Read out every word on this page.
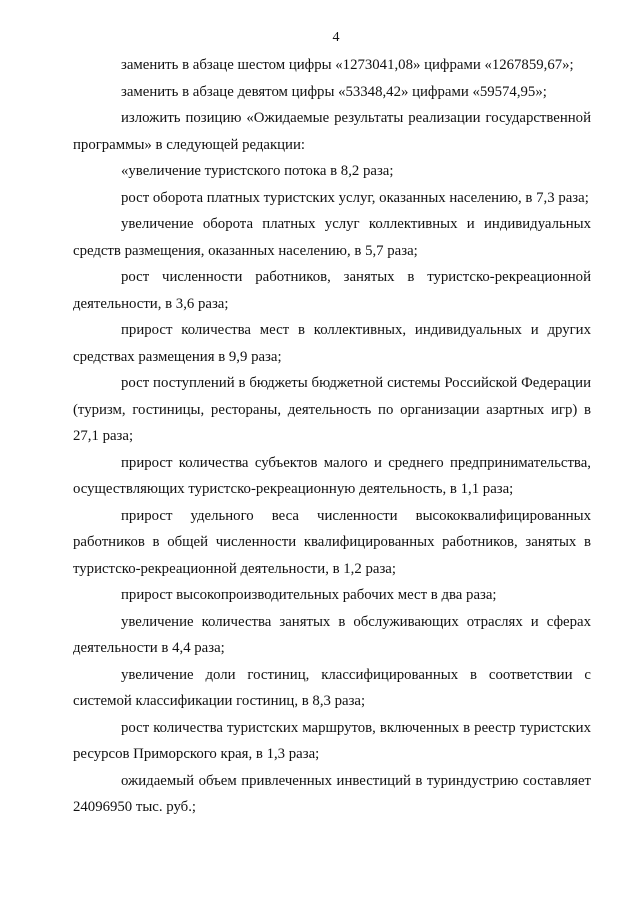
4

заменить в абзаце шестом цифры «1273041,08» цифрами «1267859,67»;

заменить в абзаце девятом цифры «53348,42» цифрами «59574,95»;

изложить позицию «Ожидаемые результаты реализации государственной программы» в следующей редакции:

«увеличение туристского потока в 8,2 раза;

рост оборота платных туристских услуг, оказанных населению, в 7,3 раза;

увеличение оборота платных услуг коллективных и индивидуальных средств размещения, оказанных населению, в 5,7 раза;

рост численности работников, занятых в туристско-рекреационной деятельности, в 3,6 раза;

прирост количества мест в коллективных, индивидуальных и других средствах размещения в 9,9 раза;

рост поступлений в бюджеты бюджетной системы Российской Федерации (туризм, гостиницы, рестораны, деятельность по организации азартных игр) в 27,1 раза;

прирост количества субъектов малого и среднего предпринимательства, осуществляющих туристско-рекреационную деятельность, в 1,1 раза;

прирост удельного веса численности высококвалифицированных работников в общей численности квалифицированных работников, занятых в туристско-рекреационной деятельности, в 1,2 раза;

прирост высокопроизводительных рабочих мест в два раза;

увеличение количества занятых в обслуживающих отраслях и сферах деятельности в 4,4 раза;

увеличение доли гостиниц, классифицированных в соответствии с системой классификации гостиниц, в 8,3 раза;

рост количества туристских маршрутов, включенных в реестр туристских ресурсов Приморского края, в 1,3 раза;

ожидаемый объем привлеченных инвестиций в туриндустрию составляет 24096950 тыс. руб.;
